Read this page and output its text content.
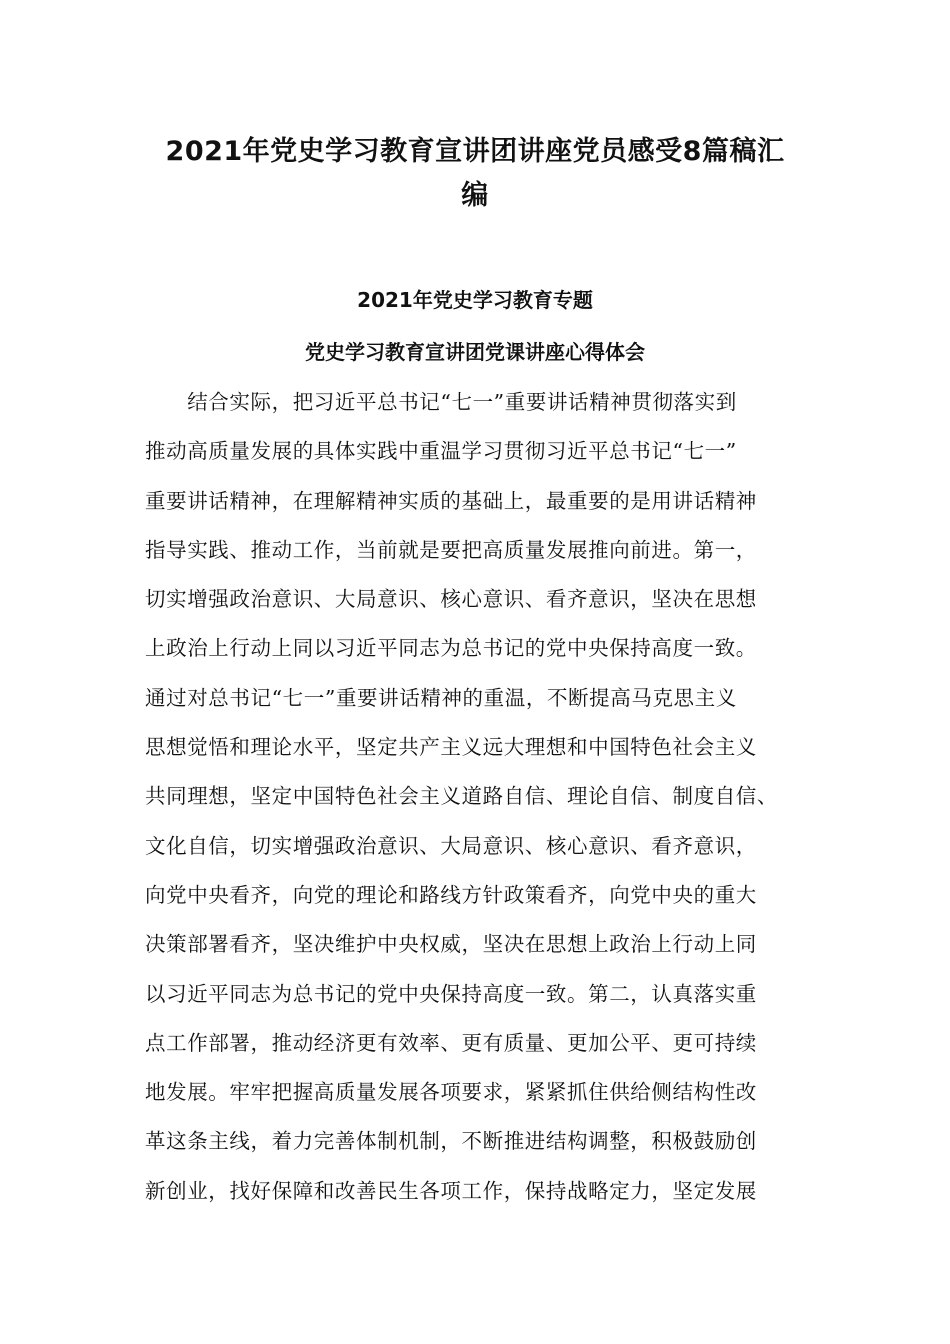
2021年党史学习教育宣讲团讲座党员感受8篇稿汇
编
2021年党史学习教育专题
党史学习教育宣讲团党课讲座心得体会
　　结合实际，把习近平总书记“七一”重要讲话精神贯彻落实到
推动高质量发展的具体实践中重温学习贯彻习近平总书记“七一”
重要讲话精神，在理解精神实质的基础上，最重要的是用讲话精神
指导实践、推动工作，当前就是要把高质量发展推向前进。第一，
切实增强政治意识、大局意识、核心意识、看齐意识，坚决在思想
上政治上行动上同以习近平同志为总书记的党中央保持高度一致。
通过对总书记“七一”重要讲话精神的重温，不断提高马克思主义
思想觉悟和理论水平，坚定共产主义远大理想和中国特色社会主义
共同理想，坚定中国特色社会主义道路自信、理论自信、制度自信、
文化自信，切实增强政治意识、大局意识、核心意识、看齐意识，
向党中央看齐，向党的理论和路线方针政策看齐，向党中央的重大
决策部署看齐，坚决维护中央权威，坚决在思想上政治上行动上同
以习近平同志为总书记的党中央保持高度一致。第二，认真落实重
点工作部署，推动经济更有效率、更有质量、更加公平、更可持续
地发展。牢牢把握高质量发展各项要求，紧紧抓住供给侧结构性改
革这条主线，着力完善体制机制，不断推进结构调整，积极鼓励创
新创业，找好保障和改善民生各项工作，保持战略定力，坚定发展
